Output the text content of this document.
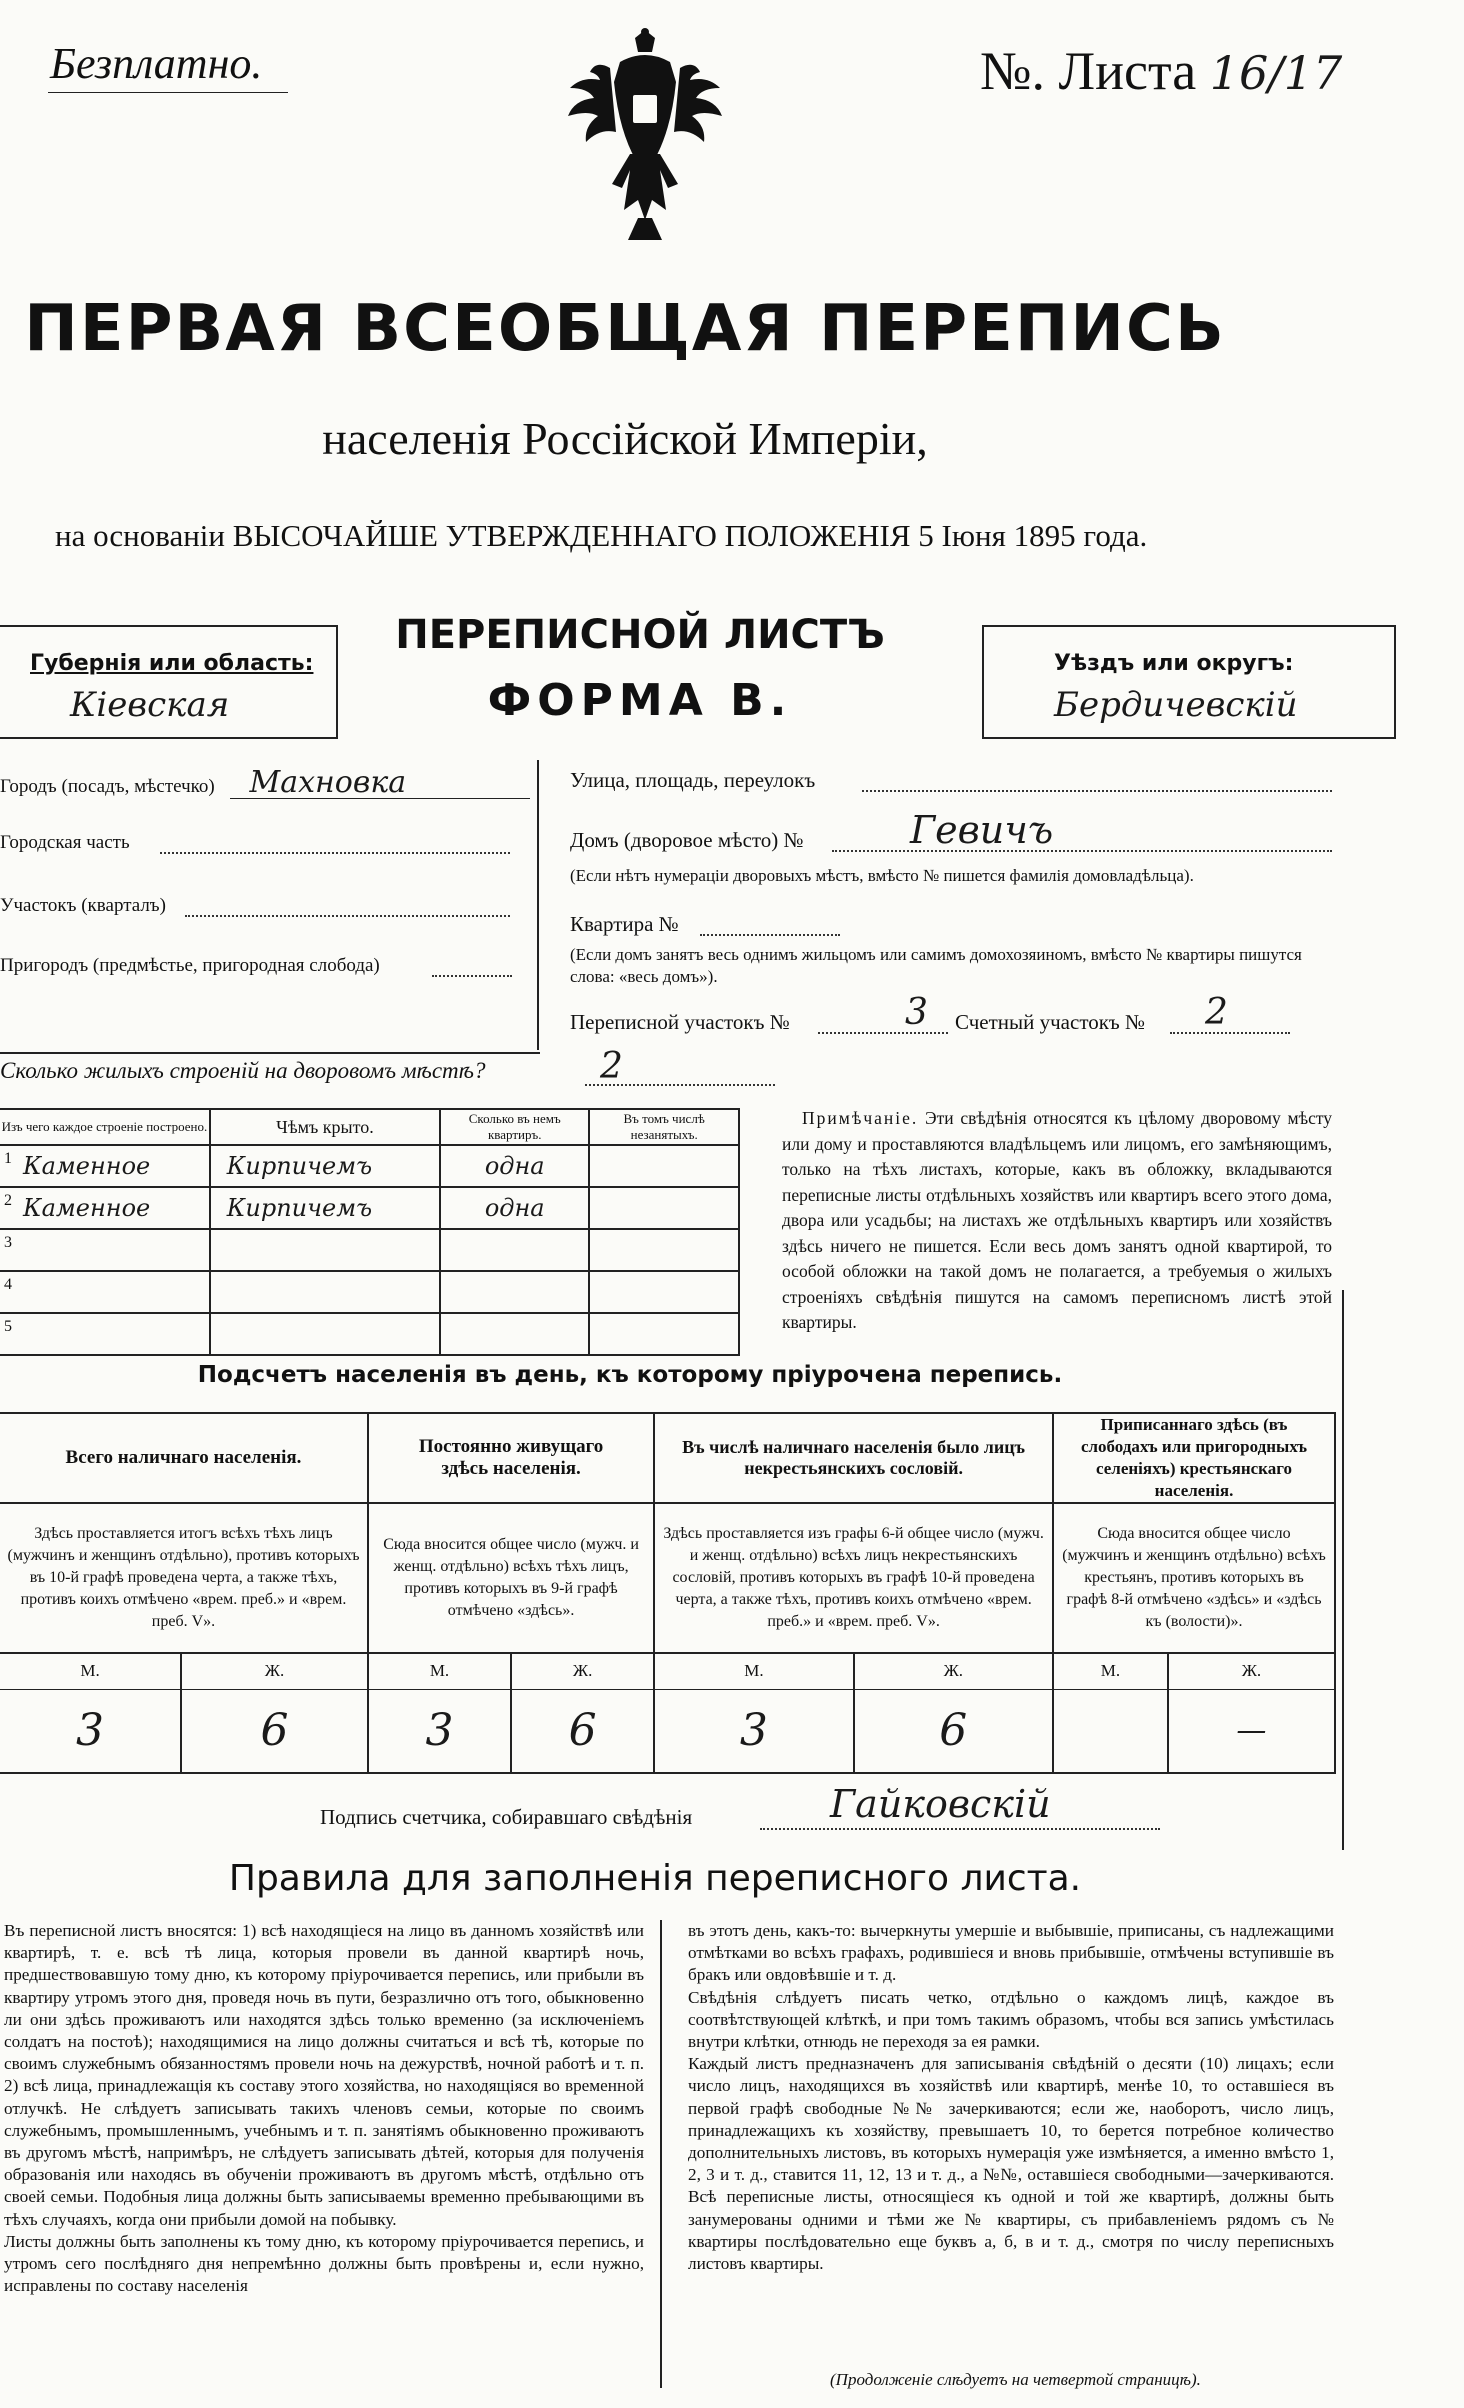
Безплатно.	№. Листа 16/17
ПЕРВАЯ ВСЕОБЩАЯ ПЕРЕПИСЬ
населенія Россійской Имперіи,
на основаніи ВЫСОЧАЙШЕ УТВЕРЖДЕННАГО ПОЛОЖЕНІЯ 5 Іюня 1895 года.
Губернія или область:
Кіевская
ПЕРЕПИСНОЙ ЛИСТЪ
ФОРМА В.
Уѣздъ или округъ:
Бердичевскій
Городъ (посадъ, мѣстечко) Махновка
Городская часть
Участокъ (кварталъ)
Пригородъ (предмѣстье, пригородная слобода)
Улица, площадь, переулокъ
Домъ (дворовое мѣсто) №	Гевичъ
(Если нѣтъ нумераціи дворовыхъ мѣстъ, вмѣсто № пишется фамилія домовладѣльца).
Квартира №
(Если домъ занятъ весь однимъ жильцомъ или самимъ домохозяиномъ, вмѣсто № квартиры пишутся слова: «весь домъ»).
Переписной участокъ №	3 Счетный участокъ № 2
Сколько жилыхъ строеній на дворовомъ мѣстѣ?	2
Изъ чего каждое строеніе построено.	Чѣмъ крыто.	Сколько въ немъ квартиръ.	Въ томъ числѣ незанятыхъ.

1 Каменное	Кирпичемъ	одна	

2 Каменное	Кирпичемъ	одна	

3			

4			

5			

Примѣчаніе. Эти свѣдѣнія относятся къ цѣлому дворовому мѣсту или дому и проставляются владѣльцемъ или лицомъ, его замѣняющимъ, только на тѣхъ листахъ, которые, какъ въ обложку, вкладываются переписные листы отдѣльныхъ хозяйствъ или квартиръ всего этого дома, двора или усадьбы; на листахъ же отдѣльныхъ квартиръ или хозяйствъ здѣсь ничего не пишется. Если весь домъ занятъ одной квартирой, то особой обложки на такой домъ не полагается, а требуемыя о жилыхъ строеніяхъ свѣдѣнія пишутся на самомъ переписномъ листѣ этой квартиры.
Подсчетъ населенія въ день, къ которому пріурочена перепись.
Всего наличнаго населенія.		Постоянно живущаго здѣсь населенія.		Въ числѣ наличнаго населенія было лицъ некрестьянскихъ сословій.		Приписаннаго здѣсь (въ слободахъ или пригородныхъ селеніяхъ) крестьянскаго населенія.	
Здѣсь проставляется итогъ всѣхъ тѣхъ лицъ (мужчинъ и женщинъ отдѣльно), противъ которыхъ въ 10-й графѣ проведена черта, а также тѣхъ, противъ коихъ отмѣчено «врем. преб.» и «врем. преб. V».		Сюда вносится общее число (мужч. и женщ. отдѣльно) всѣхъ тѣхъ лицъ, противъ которыхъ въ 9-й графѣ отмѣчено «здѣсь».		Здѣсь проставляется изъ графы 6-й общее число (мужч. и женщ. отдѣльно) всѣхъ лицъ некрестьянскихъ сословій, противъ которыхъ въ графѣ 10-й проведена черта, а также тѣхъ, противъ коихъ отмѣчено «врем. преб.» и «врем. преб. V».		Сюда вносится общее число (мужчинъ и женщинъ отдѣльно) всѣхъ крестьянъ, противъ которыхъ въ графѣ 8-й отмѣчено «здѣсь» и «здѣсь къ (волости)».	
М.	Ж.	М.	Ж.	М.	Ж.	М.	Ж.
3	6	3	6	3	6		—
Подпись счетчика, собиравшаго свѣдѣнія	Гайковскій
Правила для заполненія переписного листа.
Въ переписной листъ вносятся: 1) всѣ находящіеся на лицо въ данномъ хозяйствѣ или квартирѣ, т. е. всѣ тѣ лица, которыя провели въ данной квартирѣ ночь, предшествовавшую тому дню, къ которому пріурочивается перепись, или прибыли въ квартиру утромъ этого дня, проведя ночь въ пути, безразлично отъ того, обыкновенно ли они здѣсь проживаютъ или находятся здѣсь только временно (за исключеніемъ солдатъ на постоѣ); находящимися на лицо должны считаться и всѣ тѣ, которые по своимъ служебнымъ обязанностямъ провели ночь на дежурствѣ, ночной работѣ и т. п. 2) всѣ лица, принадлежащія къ составу этого хозяйства, но находящіяся во временной отлучкѣ. Не слѣдуетъ записывать такихъ членовъ семьи, которые по своимъ служебнымъ, промышленнымъ, учебнымъ и т. п. занятіямъ обыкновенно проживаютъ въ другомъ мѣстѣ, напримѣръ, не слѣдуетъ записывать дѣтей, которыя для полученія образованія или находясь въ обученіи проживаютъ въ другомъ мѣстѣ, отдѣльно отъ своей семьи. Подобныя лица должны быть записываемы временно пребывающими въ тѣхъ случаяхъ, когда они прибыли домой на побывку.
Листы должны быть заполнены къ тому дню, къ которому пріурочивается перепись, и утромъ сего послѣдняго дня непремѣнно должны быть провѣрены и, если нужно, исправлены по составу населенія
въ этотъ день, какъ-то: вычеркнуты умершіе и выбывшіе, приписаны, съ надлежащими отмѣтками во всѣхъ графахъ, родившіеся и вновь прибывшіе, отмѣчены вступившіе въ бракъ или овдовѣвшіе и т. д.
Свѣдѣнія слѣдуетъ писать четко, отдѣльно о каждомъ лицѣ, каждое въ соотвѣтствующей клѣткѣ, и при томъ такимъ образомъ, чтобы вся запись умѣстилась внутри клѣтки, отнюдь не переходя за ея рамки.
Каждый листъ предназначенъ для записыванія свѣдѣній о десяти (10) лицахъ; если число лицъ, находящихся въ хозяйствѣ или квартирѣ, менѣе 10, то оставшіеся въ первой графѣ свободные №№ зачеркиваются; если же, наоборотъ, число лицъ, принадлежащихъ къ хозяйству, превышаетъ 10, то берется потребное количество дополнительныхъ листовъ, въ которыхъ нумерація уже измѣняется, а именно вмѣсто 1, 2, 3 и т. д., ставится 11, 12, 13 и т. д., а №№, оставшіеся свободными—зачеркиваются. Всѣ переписные листы, относящіеся къ одной и той же квартирѣ, должны быть занумерованы одними и тѣми же № квартиры, съ прибавленіемъ рядомъ съ № квартиры послѣдовательно еще буквъ а, б, в и т. д., смотря по числу переписныхъ листовъ квартиры.
(Продолженіе слѣдуетъ на четвертой страницѣ).
